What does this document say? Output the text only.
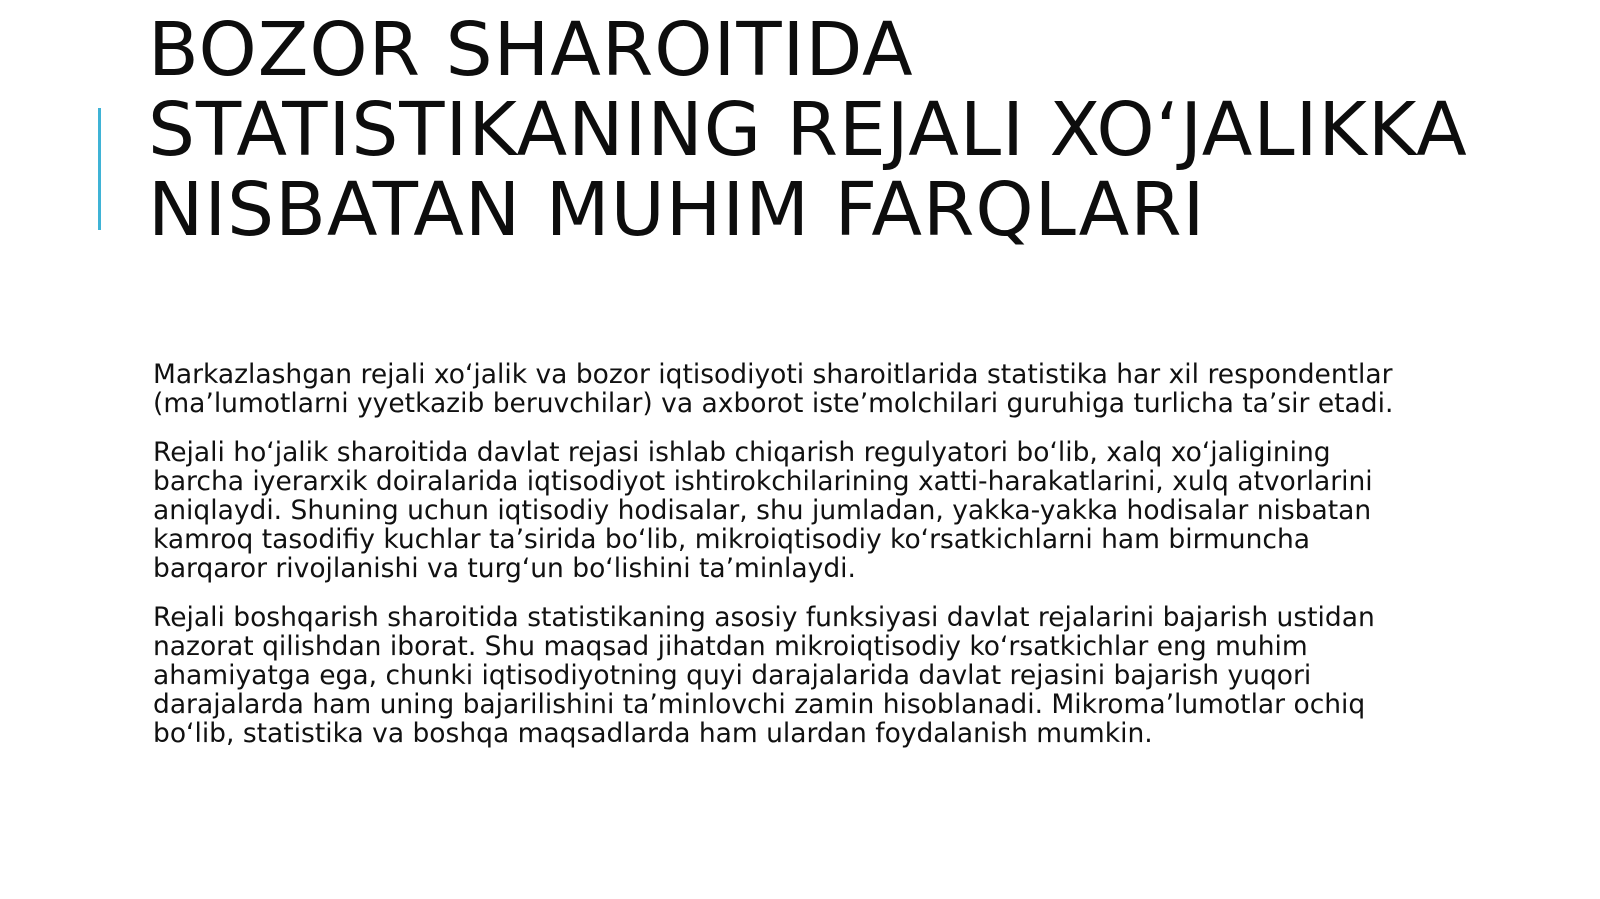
BOZOR SHAROITIDA STATISTIKANING REJALI XO‘JALIKKA NISBATAN MUHIM FARQLARI

Markazlashgan rejali xo‘jalik va bozor iqtisodiyoti sharoitlarida statistika har xil respondentlar (ma’lumotlarni yyetkazib beruvchilar) va axborot iste’molchilari guruhiga turlicha ta’sir etadi.

Rejali ho‘jalik sharoitida davlat rejasi ishlab chiqarish regulyatori bo‘lib, xalq xo‘jaligining barcha iyerarxik doiralarida iqtisodiyot ishtirokchilarining xatti-harakatlarini, xulq atvorlarini aniqlaydi. Shuning uchun iqtisodiy hodisalar, shu jumladan, yakka-yakka hodisalar nisbatan kamroq tasodifiy kuchlar ta’sirida bo‘lib, mikroiqtisodiy ko‘rsatkichlarni ham birmuncha barqaror rivojlanishi va turg‘un bo‘lishini ta’minlaydi.

Rejali boshqarish sharoitida statistikaning asosiy funksiyasi davlat rejalarini bajarish ustidan nazorat qilishdan iborat. Shu maqsad jihatdan mikroiqtisodiy ko‘rsatkichlar eng muhim ahamiyatga ega, chunki iqtisodiyotning quyi darajalarida davlat rejasini bajarish yuqori darajalarda ham uning bajarilishini ta’minlovchi zamin hisoblanadi. Mikroma’lumotlar ochiq bo‘lib, statistika va boshqa maqsadlarda ham ulardan foydalanish mumkin.
